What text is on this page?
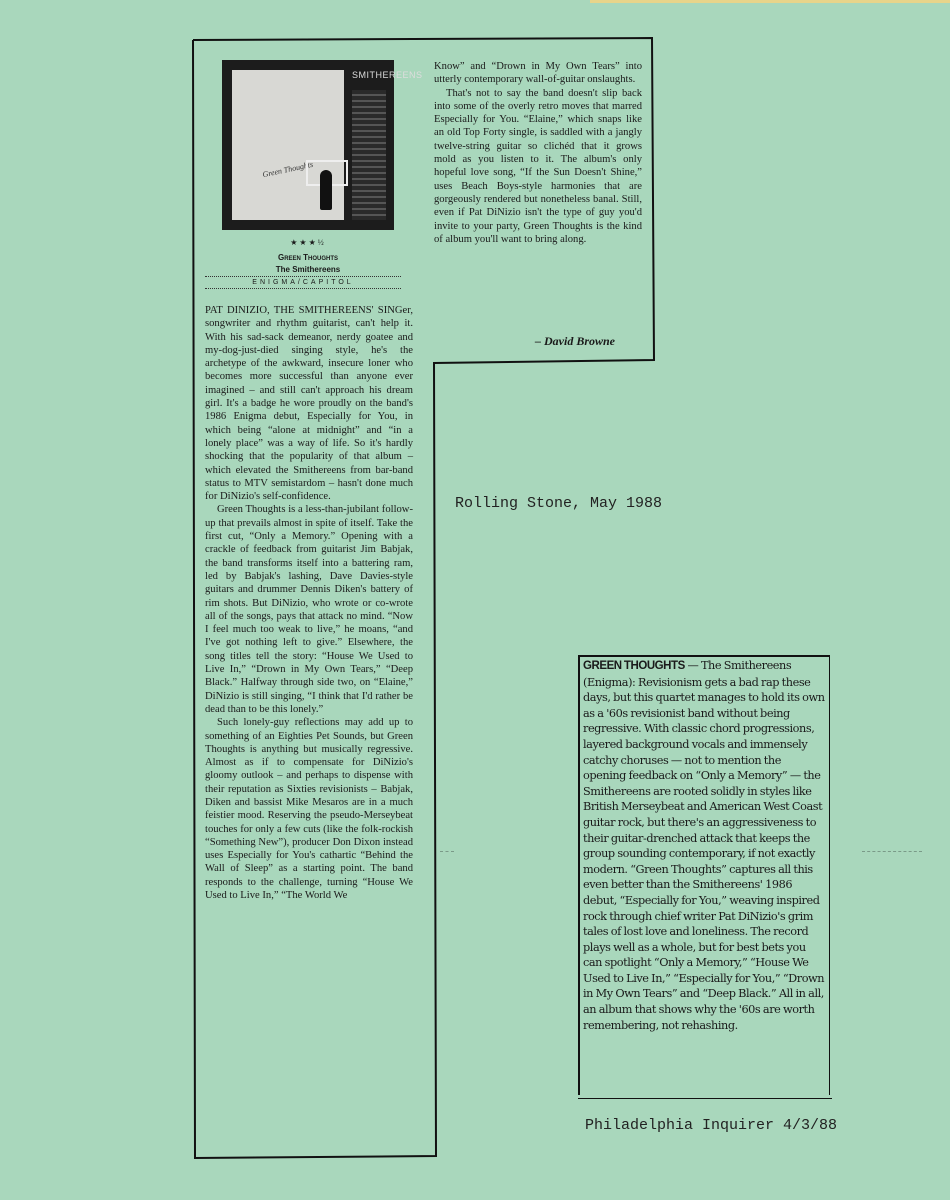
Green Thoughts
SMITHEREENS
★★★½
Green Thoughts
The Smithereens
ENIGMA/CAPITOL

PAT DINIZIO, THE SMITHEREENS' SINGer, songwriter and rhythm guitarist, can't help it. With his sad-sack demeanor, nerdy goatee and my-dog-just-died singing style, he's the archetype of the awkward, insecure loner who becomes more successful than anyone ever imagined – and still can't approach his dream girl. It's a badge he wore proudly on the band's 1986 Enigma debut, Especially for You, in which being “alone at midnight” and “in a lonely place” was a way of life. So it's hardly shocking that the popularity of that album – which elevated the Smithereens from bar-band status to MTV semistardom – hasn't done much for DiNizio's self-confidence.

Green Thoughts is a less-than-jubilant follow-up that prevails almost in spite of itself. Take the first cut, “Only a Memory.” Opening with a crackle of feedback from guitarist Jim Babjak, the band transforms itself into a battering ram, led by Babjak's lashing, Dave Davies-style guitars and drummer Dennis Diken's battery of rim shots. But DiNizio, who wrote or co-wrote all of the songs, pays that attack no mind. “Now I feel much too weak to live,” he moans, “and I've got nothing left to give.” Elsewhere, the song titles tell the story: “House We Used to Live In,” “Drown in My Own Tears,” “Deep Black.” Halfway through side two, on “Elaine,” DiNizio is still singing, “I think that I'd rather be dead than to be this lonely.”

Such lonely-guy reflections may add up to something of an Eighties Pet Sounds, but Green Thoughts is anything but musically regressive. Almost as if to compensate for DiNizio's gloomy outlook – and perhaps to dispense with their reputation as Sixties revisionists – Babjak, Diken and bassist Mike Mesaros are in a much feistier mood. Reserving the pseudo-Merseybeat touches for only a few cuts (like the folk-rockish “Something New”), producer Don Dixon instead uses Especially for You's cathartic “Behind the Wall of Sleep” as a starting point. The band responds to the challenge, turning “House We Used to Live In,” “The World We

Know” and “Drown in My Own Tears” into utterly contemporary wall-of-guitar onslaughts.

That's not to say the band doesn't slip back into some of the overly retro moves that marred Especially for You. “Elaine,” which snaps like an old Top Forty single, is saddled with a jangly twelve-string guitar so clichéd that it grows mold as you listen to it. The album's only hopeful love song, “If the Sun Doesn't Shine,” uses Beach Boys-style harmonies that are gorgeously rendered but nonetheless banal. Still, even if Pat DiNizio isn't the type of guy you'd invite to your party, Green Thoughts is the kind of album you'll want to bring along.

– David Browne
Rolling Stone, May 1988
GREEN THOUGHTS — The Smithereens (Enigma): Revisionism gets a bad rap these days, but this quartet manages to hold its own as a '60s revisionist band without being regressive. With classic chord progressions, layered background vocals and immensely catchy choruses — not to mention the opening feedback on “Only a Memory” — the Smithereens are rooted solidly in styles like British Merseybeat and American West Coast guitar rock, but there's an aggressiveness to their guitar-drenched attack that keeps the group sounding contemporary, if not exactly modern. “Green Thoughts” captures all this even better than the Smithereens' 1986 debut, “Especially for You,” weaving inspired rock through chief writer Pat DiNizio's grim tales of lost love and loneliness. The record plays well as a whole, but for best bets you can spotlight “Only a Memory,” “House We Used to Live In,” “Especially for You,” “Drown in My Own Tears” and “Deep Black.” All in all, an album that shows why the '60s are worth remembering, not rehashing.
Philadelphia Inquirer 4/3/88
